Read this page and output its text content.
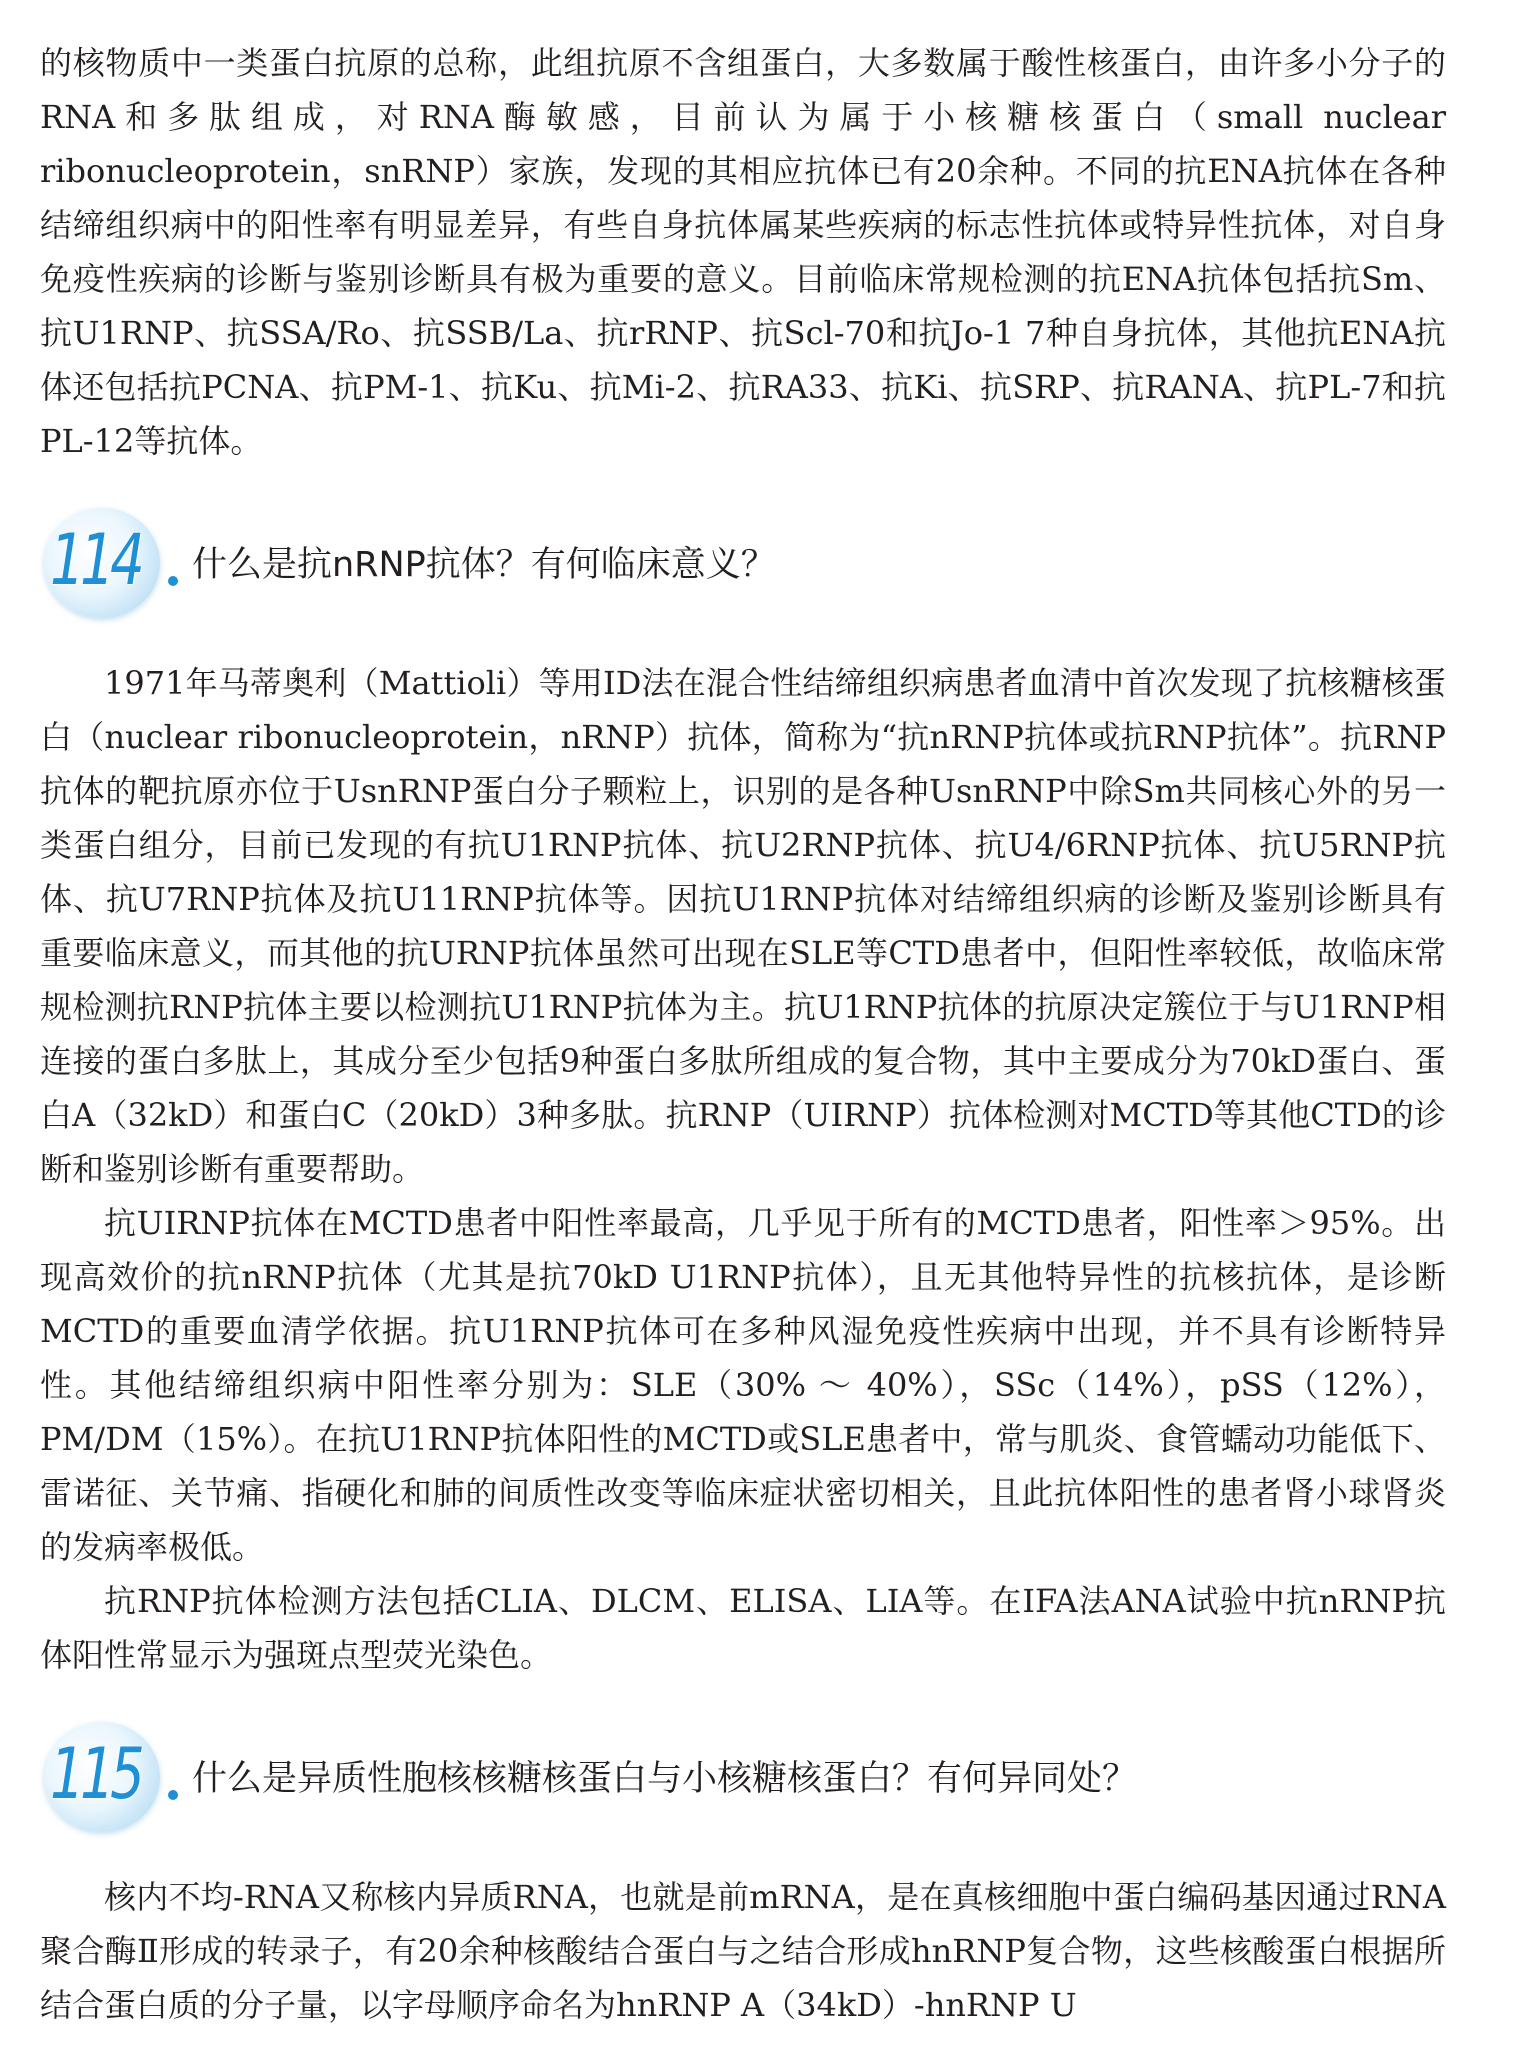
的核物质中一类蛋白抗原的总称，此组抗原不含组蛋白，大多数属于酸性核蛋白，由许多小分子的RNA和多肽组成，对RNA酶敏感，目前认为属于小核糖核蛋白（small nuclear ribonucleoprotein，snRNP）家族，发现的其相应抗体已有20余种。不同的抗ENA抗体在各种结缔组织病中的阳性率有明显差异，有些自身抗体属某些疾病的标志性抗体或特异性抗体，对自身免疫性疾病的诊断与鉴别诊断具有极为重要的意义。目前临床常规检测的抗ENA抗体包括抗Sm、抗U1RNP、抗SSA/Ro、抗SSB/La、抗rRNP、抗Scl-70和抗Jo-1 7种自身抗体，其他抗ENA抗体还包括抗PCNA、抗PM-1、抗Ku、抗Mi-2、抗RA33、抗Ki、抗SRP、抗RANA、抗PL-7和抗PL-12等抗体。

114 什么是抗nRNP抗体？有何临床意义？

1971年马蒂奥利（Mattioli）等用ID法在混合性结缔组织病患者血清中首次发现了抗核糖核蛋白（nuclear ribonucleoprotein，nRNP）抗体，简称为“抗nRNP抗体或抗RNP抗体”。抗RNP抗体的靶抗原亦位于UsnRNP蛋白分子颗粒上，识别的是各种UsnRNP中除Sm共同核心外的另一类蛋白组分，目前已发现的有抗U1RNP抗体、抗U2RNP抗体、抗U4/6RNP抗体、抗U5RNP抗体、抗U7RNP抗体及抗U11RNP抗体等。因抗U1RNP抗体对结缔组织病的诊断及鉴别诊断具有重要临床意义，而其他的抗URNP抗体虽然可出现在SLE等CTD患者中，但阳性率较低，故临床常规检测抗RNP抗体主要以检测抗U1RNP抗体为主。抗U1RNP抗体的抗原决定簇位于与U1RNP相连接的蛋白多肽上，其成分至少包括9种蛋白多肽所组成的复合物，其中主要成分为70kD蛋白、蛋白A（32kD）和蛋白C（20kD）3种多肽。抗RNP（UIRNP）抗体检测对MCTD等其他CTD的诊断和鉴别诊断有重要帮助。

抗UIRNP抗体在MCTD患者中阳性率最高，几乎见于所有的MCTD患者，阳性率＞95%。出现高效价的抗nRNP抗体（尤其是抗70kD U1RNP抗体），且无其他特异性的抗核抗体，是诊断MCTD的重要血清学依据。抗U1RNP抗体可在多种风湿免疫性疾病中出现，并不具有诊断特异性。其他结缔组织病中阳性率分别为：SLE（30% ～ 40%），SSc（14%），pSS（12%），PM/DM（15%）。在抗U1RNP抗体阳性的MCTD或SLE患者中，常与肌炎、食管蠕动功能低下、雷诺征、关节痛、指硬化和肺的间质性改变等临床症状密切相关，且此抗体阳性的患者肾小球肾炎的发病率极低。

抗RNP抗体检测方法包括CLIA、DLCM、ELISA、LIA等。在IFA法ANA试验中抗nRNP抗体阳性常显示为强斑点型荧光染色。

115 什么是异质性胞核核糖核蛋白与小核糖核蛋白？有何异同处？

核内不均-RNA又称核内异质RNA，也就是前mRNA，是在真核细胞中蛋白编码基因通过RNA聚合酶Ⅱ形成的转录子，有20余种核酸结合蛋白与之结合形成hnRNP复合物，这些核酸蛋白根据所结合蛋白质的分子量，以字母顺序命名为hnRNP A（34kD）-hnRNP U
